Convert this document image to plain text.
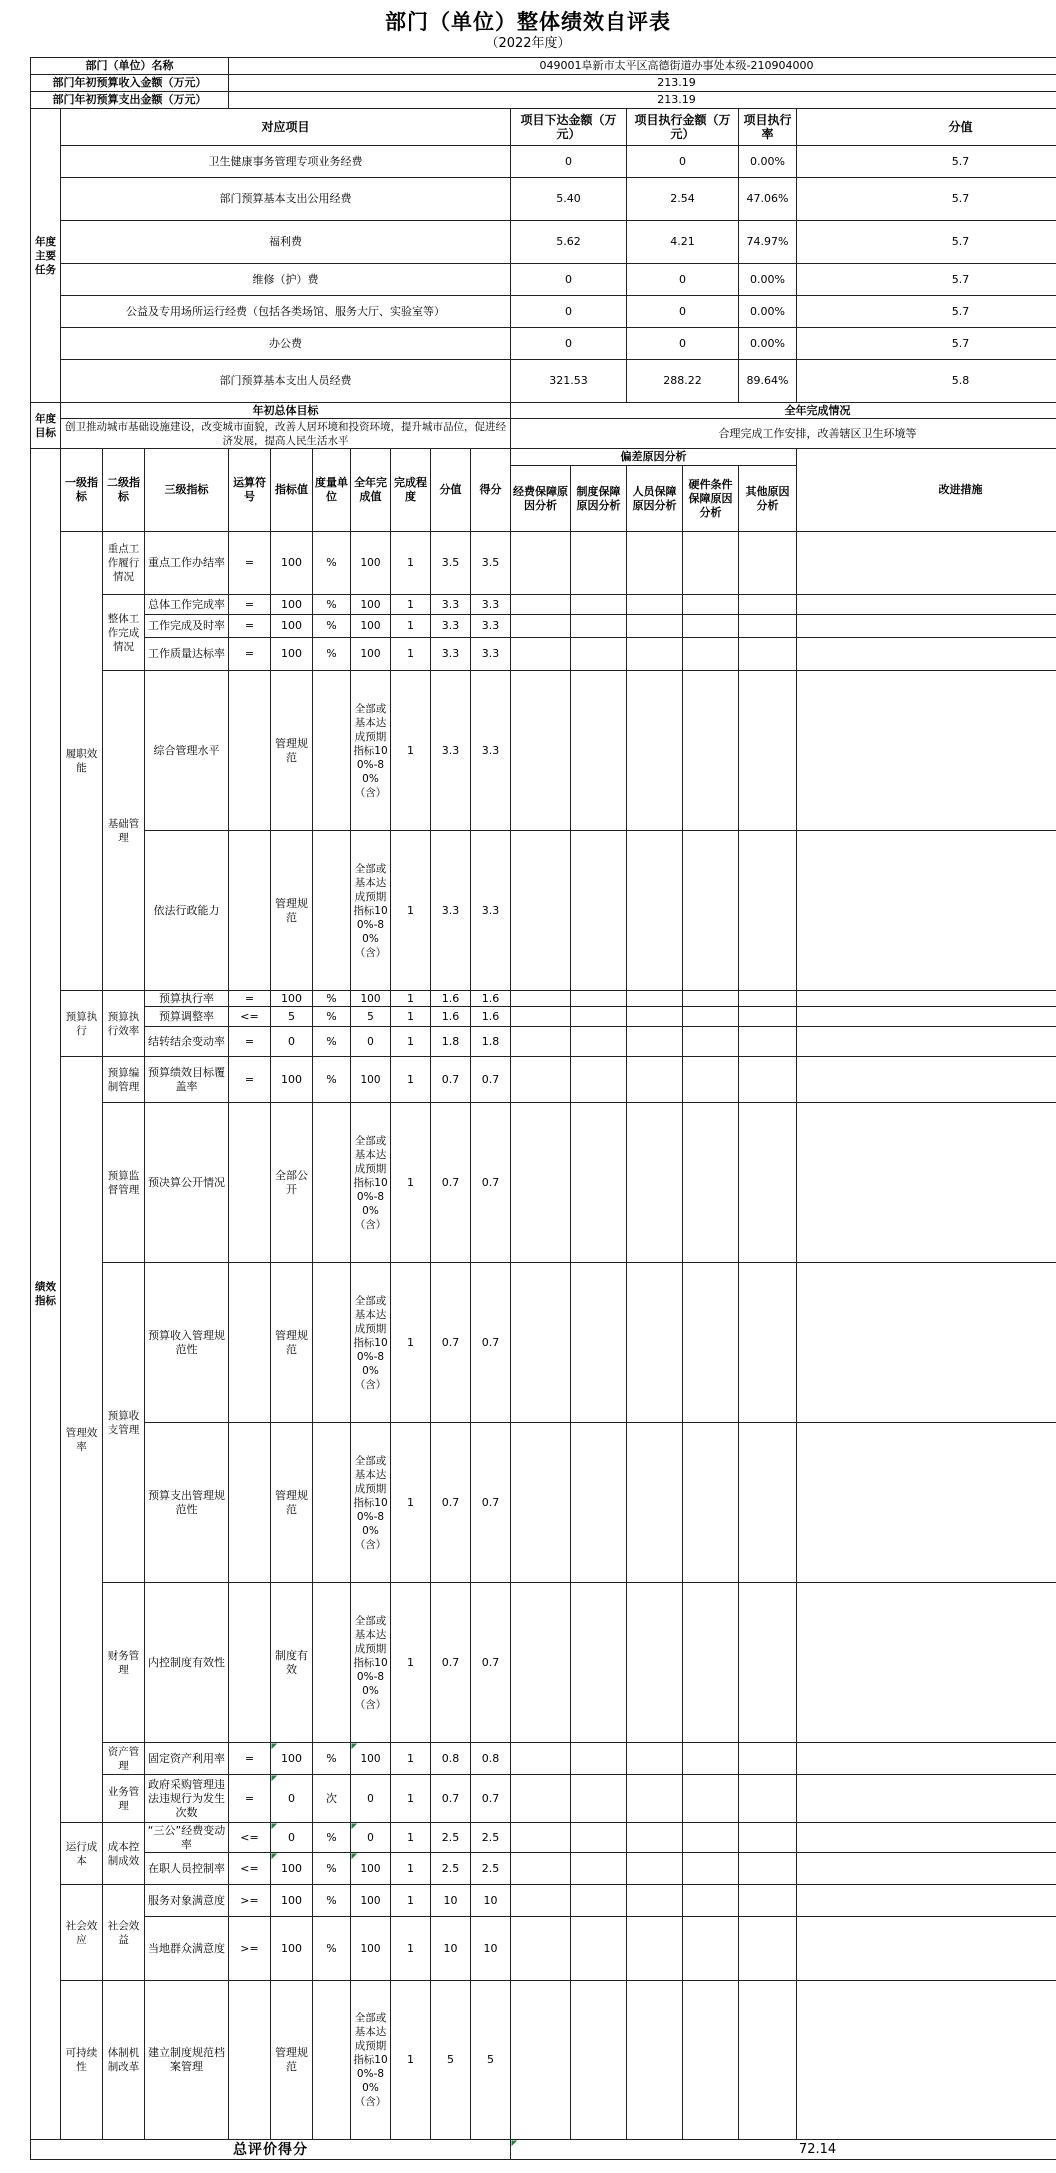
部门（单位）整体绩效自评表
（2022年度）
部门（单位）名称				049001阜新市太平区高德街道办事处本级-210904000													
部门年初预算收入金额（万元）				213.19													
部门年初预算支出金额（万元）				213.19													
年度主要任务	对应项目										项目下达金额（万元）		项目执行金额（万元）		项目执行率	分值	
	卫生健康事务管理专项业务经费										0		0		0.00%	5.7	
	部门预算基本支出公用经费										5.40		2.54		47.06%	5.7	
	福利费										5.62		4.21		74.97%	5.7	
	维修（护）费										0		0		0.00%	5.7	
	公益及专用场所运行经费（包括各类场馆、服务大厅、实验室等）										0		0		0.00%	5.7	
	办公费										0		0		0.00%	5.7	
	部门预算基本支出人员经费										321.53		288.22		89.64%	5.8	
年度目标	年初总体目标										全年完成情况						
	创卫推动城市基础设施建设，改变城市面貌，改善人居环境和投资环境，提升城市品位，促进经济发展，提高人民生活水平										合理完成工作安排，改善辖区卫生环境等						
绩效指标	一级指标	二级指标	三级指标	运算符号	指标值	度量单位	全年完成值	完成程度	分值	得分	偏差原因分析					改进措施	
											经费保障原因分析	制度保障原因分析	人员保障原因分析	硬件条件保障原因分析	其他原因分析		
	履职效能	重点工作履行情况	重点工作办结率	=	100	%	100	1	3.5	3.5							
		整体工作完成情况	总体工作完成率	=	100	%	100	1	3.3	3.3							
			工作完成及时率	=	100	%	100	1	3.3	3.3							
			工作质量达标率	=	100	%	100	1	3.3	3.3							
		基础管理	综合管理水平		管理规范		全部或基本达成预期指标100%-80%（含）	1	3.3	3.3							
			依法行政能力		管理规范		全部或基本达成预期指标100%-80%（含）	1	3.3	3.3							
	预算执行	预算执行效率	预算执行率	=	100	%	100	1	1.6	1.6							
			预算调整率	<=	5	%	5	1	1.6	1.6							
			结转结余变动率	=	0	%	0	1	1.8	1.8							
	管理效率	预算编制管理	预算绩效目标覆盖率	=	100	%	100	1	0.7	0.7							
		预算监督管理	预决算公开情况		全部公开		全部或基本达成预期指标100%-80%（含）	1	0.7	0.7							
		预算收支管理	预算收入管理规范性		管理规范		全部或基本达成预期指标100%-80%（含）	1	0.7	0.7							
			预算支出管理规范性		管理规范		全部或基本达成预期指标100%-80%（含）	1	0.7	0.7							
		财务管理	内控制度有效性		制度有效		全部或基本达成预期指标100%-80%（含）	1	0.7	0.7							
		资产管理	固定资产利用率	=	100	%	100	1	0.8	0.8							
		业务管理	政府采购管理违法违规行为发生次数	=	0	次	0	1	0.7	0.7							
	运行成本	成本控制成效	“三公”经费变动率	<=	0	%	0	1	2.5	2.5							
			在职人员控制率	<=	100	%	100	1	2.5	2.5							
	社会效应	社会效益	服务对象满意度	>=	100	%	100	1	10	10							
			当地群众满意度	>=	100	%	100	1	10	10							
	可持续性	体制机制改革	建立制度规范档案管理		管理规范		全部或基本达成预期指标100%-80%（含）	1	5	5							
总评价得分											72.14						
